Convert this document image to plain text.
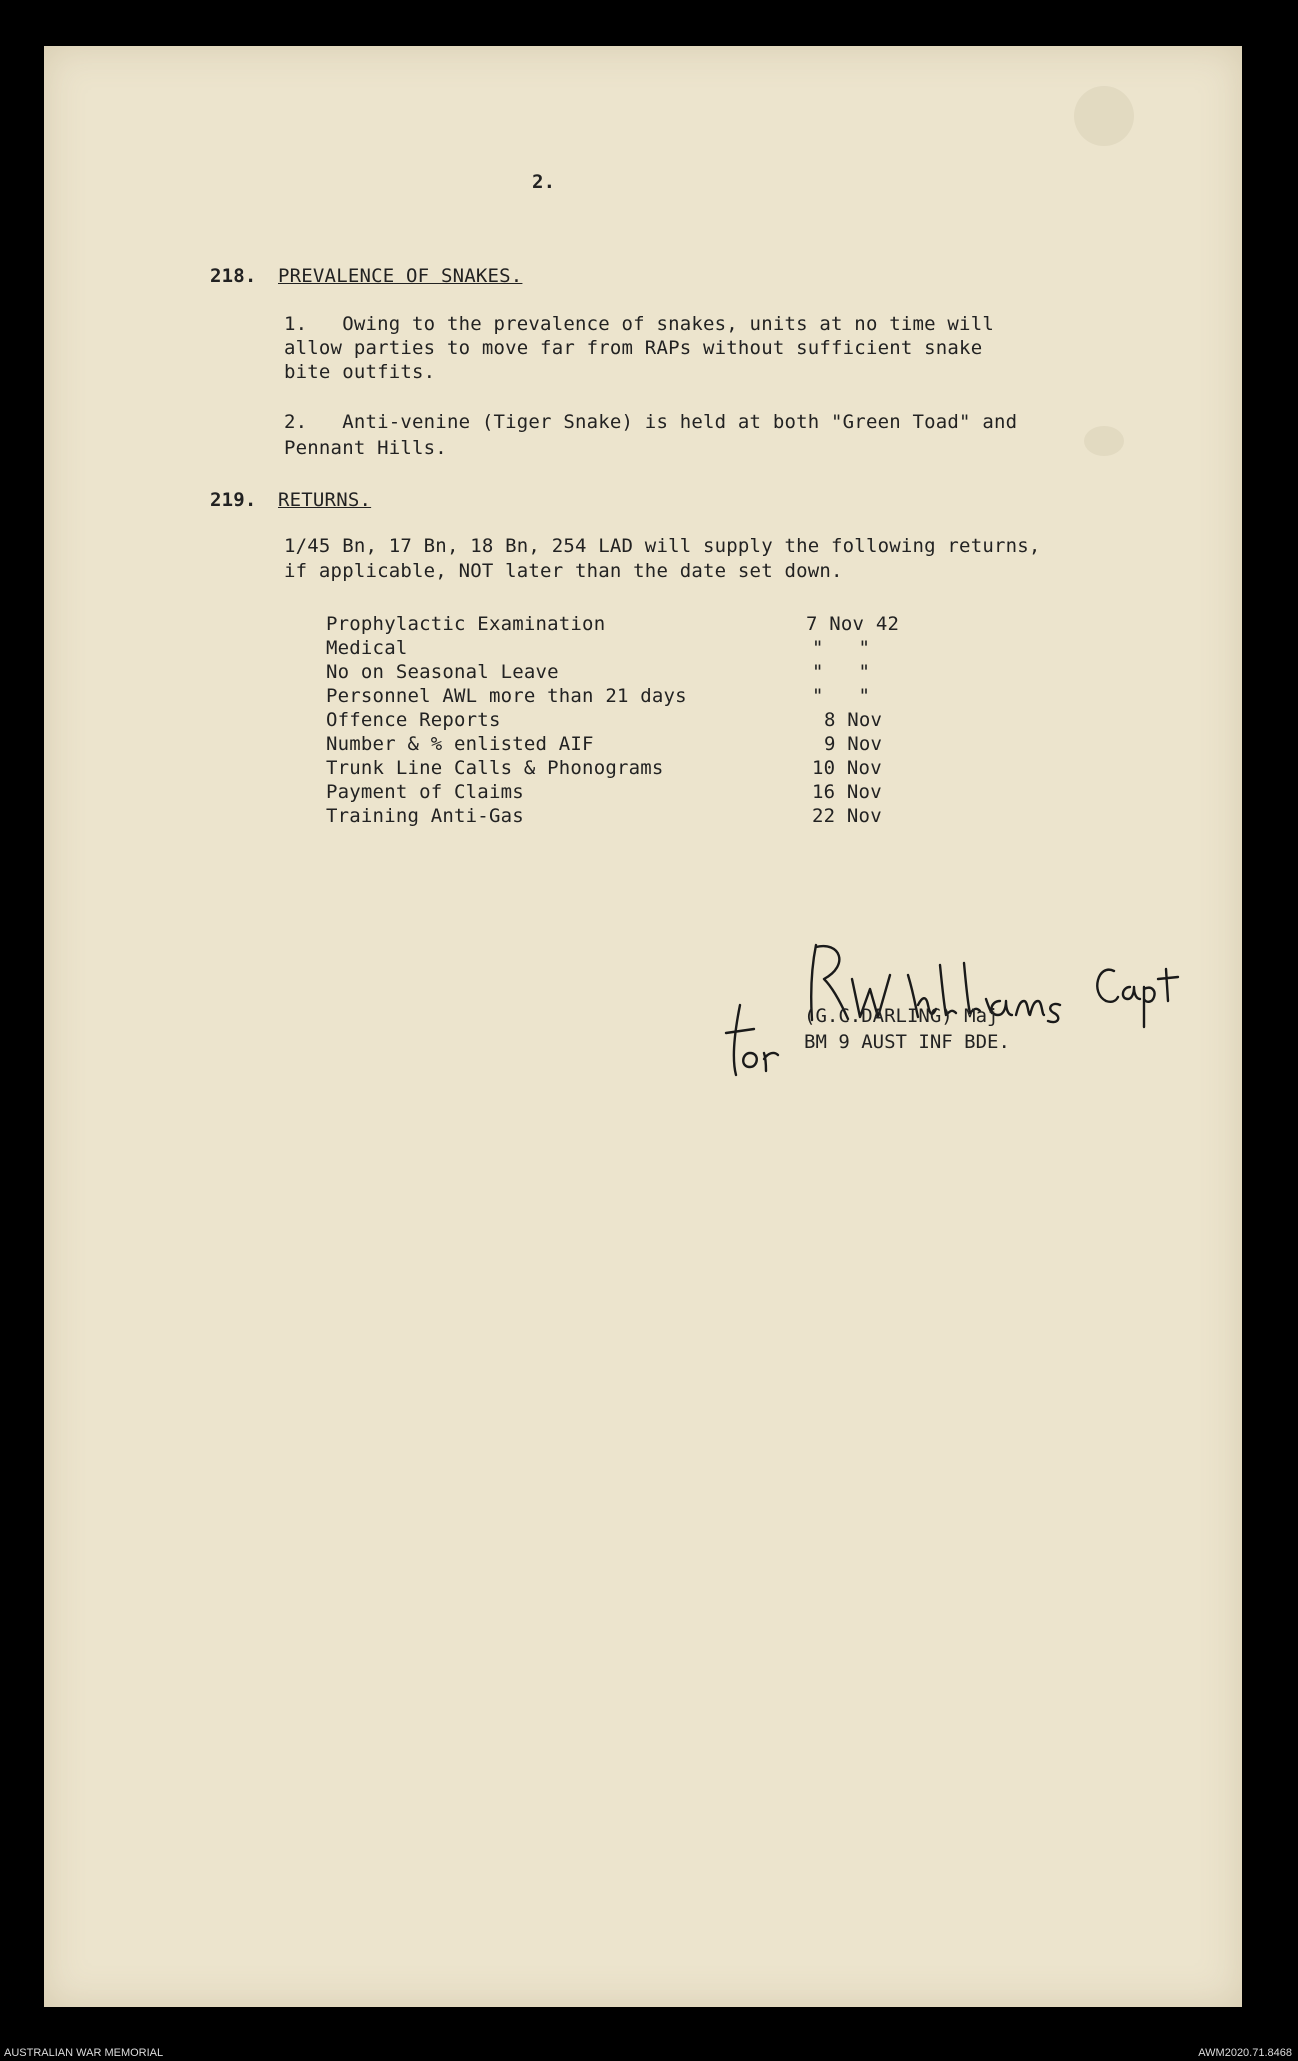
2.
218. PREVALENCE OF SNAKES.
1.   Owing to the prevalence of snakes, units at no time will
allow parties to move far from RAPs without sufficient snake
bite outfits.
2.   Anti-venine (Tiger Snake) is held at both "Green Toad" and
Pennant Hills.
219. RETURNS.
1/45 Bn, 17 Bn, 18 Bn, 254 LAD will supply the following returns,
if applicable, NOT later than the date set down.
Prophylactic Examination	7 Nov 42
Medical	"   "
No on Seasonal Leave	"   "
Personnel AWL more than 21 days	"   "
Offence Reports	8 Nov
Number & % enlisted AIF	9 Nov
Trunk Line Calls & Phonograms	10 Nov
Payment of Claims	16 Nov
Training Anti-Gas	22 Nov
(G.C.DARLING) Maj
BM 9 AUST INF BDE.
AUSTRALIAN WAR MEMORIAL	AWM2020.71.8468
